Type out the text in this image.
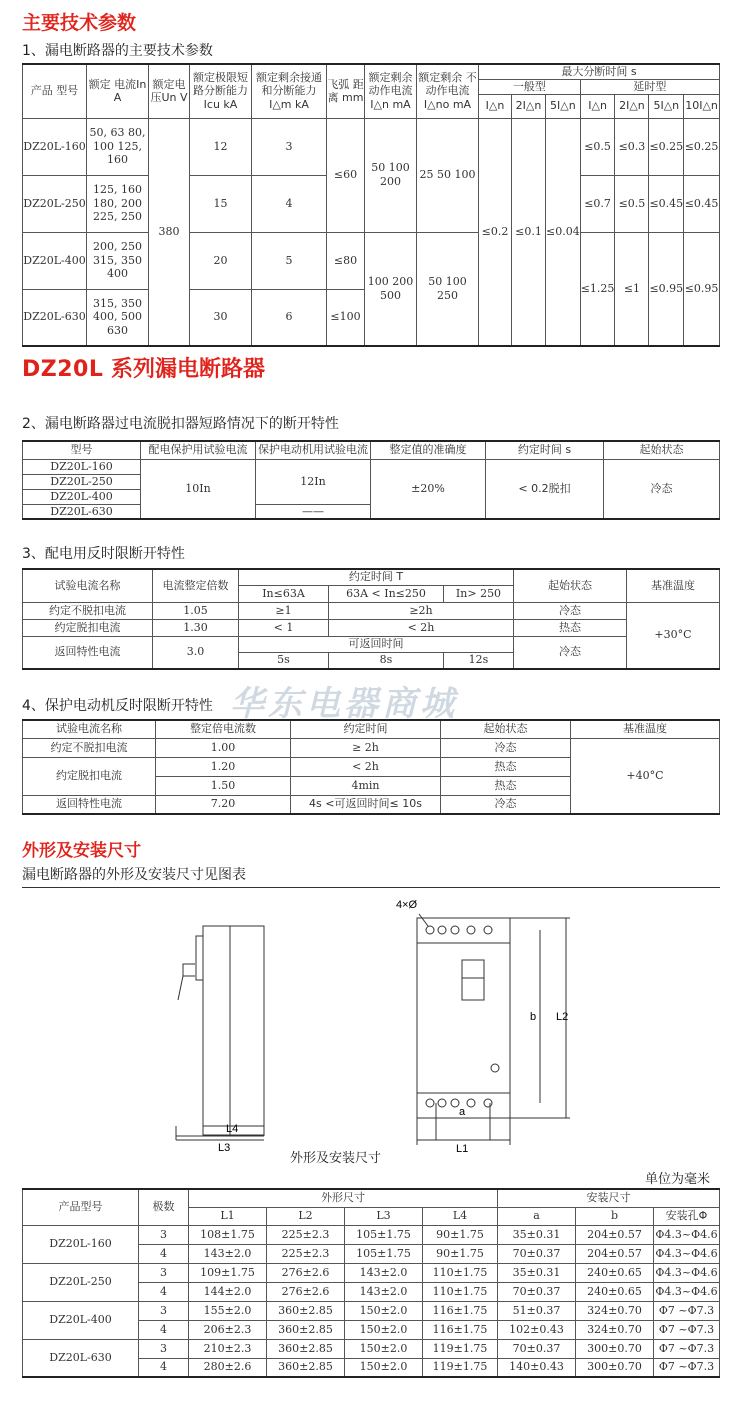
主要技术参数
1、漏电断路器的主要技术参数
产品 型号	额定 电流In A	额定电 压Un V	额定极限短 路分断能力 Icu kA	额定剩余接通 和分断能力 I△m kA	飞弧 距离 mm	额定剩余 动作电流 I△n mA	额定剩余 不动作电流 I△no mA	最大分断时间 s						
								一般型			延时型			
								I△n	2I△n	5I△n	I△n	2I△n	5I△n	10I△n
DZ20L-160	50, 63 80, 100 125, 160	380	12	3	≤60	50 100 200	25 50 100	≤0.2	≤0.1	≤0.04	≤0.5	≤0.3	≤0.25	≤0.25
DZ20L-250	125, 160 180, 200 225, 250		15	4							≤0.7	≤0.5	≤0.45	≤0.45
DZ20L-400	200, 250 315, 350 400		20	5	≤80	100 200 500	50 100 250				≤1.25	≤1	≤0.95	≤0.95
DZ20L-630	315, 350 400, 500 630		30	6	≤100									
DZ20L 系列漏电断路器
2、漏电断路器过电流脱扣器短路情况下的断开特性
型号	配电保护用试验电流	保护电动机用试验电流	整定值的准确度	约定时间 s	起始状态
DZ20L-160	10In	12In	±20%	< 0.2脱扣	冷态
DZ20L-250					
DZ20L-400					
DZ20L-630		——			
3、配电用反时限断开特性
试验电流名称	电流整定倍数	约定时间 T			起始状态	基准温度
		In≤63A	63A < In≤250	In> 250		
约定不脱扣电流	1.05	≥1	≥2h		冷态	+30°C
约定脱扣电流	1.30	< 1	< 2h		热态	
返回特性电流	3.0	可返回时间			冷态	
		5s	8s	12s		
4、保护电动机反时限断开特性
试验电流名称	整定倍电流数	约定时间	起始状态	基准温度
约定不脱扣电流	1.00	≥ 2h	冷态	+40°C
约定脱扣电流	1.20	< 2h	热态	
	1.50	4min	热态	
返回特性电流	7.20	4s <可返回时间≤ 10s	冷态	
华东电器商城
外形及安装尺寸
漏电断路器的外形及安装尺寸见图表
L4
L3
4×Ø
a
L1
b L2
外形及安装尺寸
单位为毫米
产品型号	极数	外形尺寸				安装尺寸		
		L1	L2	L3	L4	a	b	安装孔Φ
DZ20L-160	3	108±1.75	225±2.3	105±1.75	90±1.75	35±0.31	204±0.57	Φ4.3~Φ4.6
	4	143±2.0	225±2.3	105±1.75	90±1.75	70±0.37	204±0.57	Φ4.3~Φ4.6
DZ20L-250	3	109±1.75	276±2.6	143±2.0	110±1.75	35±0.31	240±0.65	Φ4.3~Φ4.6
	4	144±2.0	276±2.6	143±2.0	110±1.75	70±0.37	240±0.65	Φ4.3~Φ4.6
DZ20L-400	3	155±2.0	360±2.85	150±2.0	116±1.75	51±0.37	324±0.70	Φ7 ~Φ7.3
	4	206±2.3	360±2.85	150±2.0	116±1.75	102±0.43	324±0.70	Φ7 ~Φ7.3
DZ20L-630	3	210±2.3	360±2.85	150±2.0	119±1.75	70±0.37	300±0.70	Φ7 ~Φ7.3
	4	280±2.6	360±2.85	150±2.0	119±1.75	140±0.43	300±0.70	Φ7 ~Φ7.3
